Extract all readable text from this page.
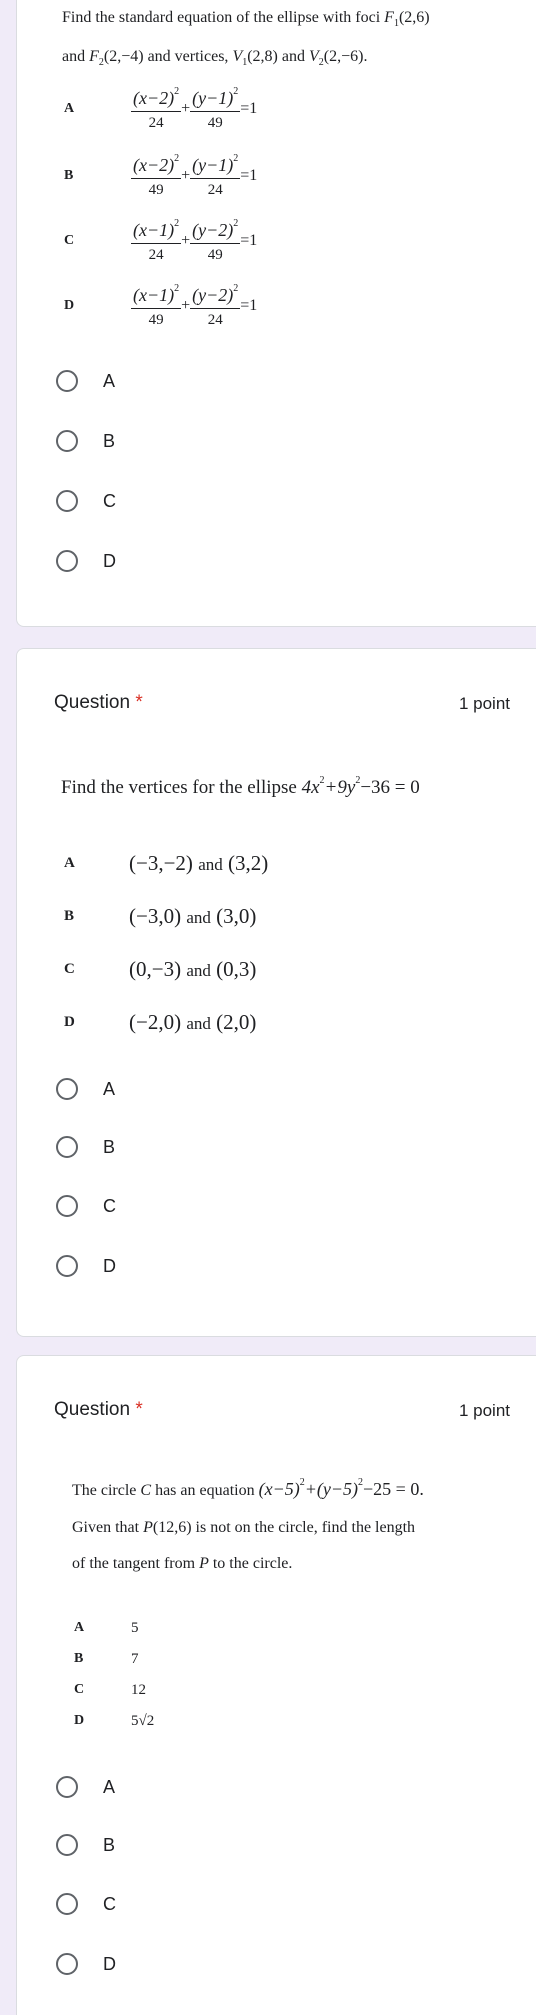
Find the standard equation of the ellipse with foci $F_1(2,6)$
and $F_2(2,-4)$ and vertices, $V_1(2,8)$ and $V_2(2,-6)$.
A	$\frac{(x-2)^2}{24} + \frac{(y-1)^2}{49} =1$
B	$\frac{(x-2)^2}{49} + \frac{(y-1)^2}{24} =1$
C	$\frac{(x-1)^2}{24} + \frac{(y-2)^2}{49} =1$
D	$\frac{(x-1)^2}{49} + \frac{(y-2)^2}{24} =1$
A
B
C
D
Question *	1 point
Find the vertices for the ellipse $4x^2+9y^2-36 = 0$
A	(−3,−2) and (3,2)
B	(−3,0) and (3,0)
C	(0,−3) and (0,3)
D	(−2,0) and (2,0)
A
B
C
D
Question *	1 point
The circle C has an equation $(x-5)^2+(y-5)^2-25 = 0$.
Given that P(12,6) is not on the circle, find the length
of the tangent from P to the circle.
A	5
B	7
C	12
D	5√2
A
B
C
D
